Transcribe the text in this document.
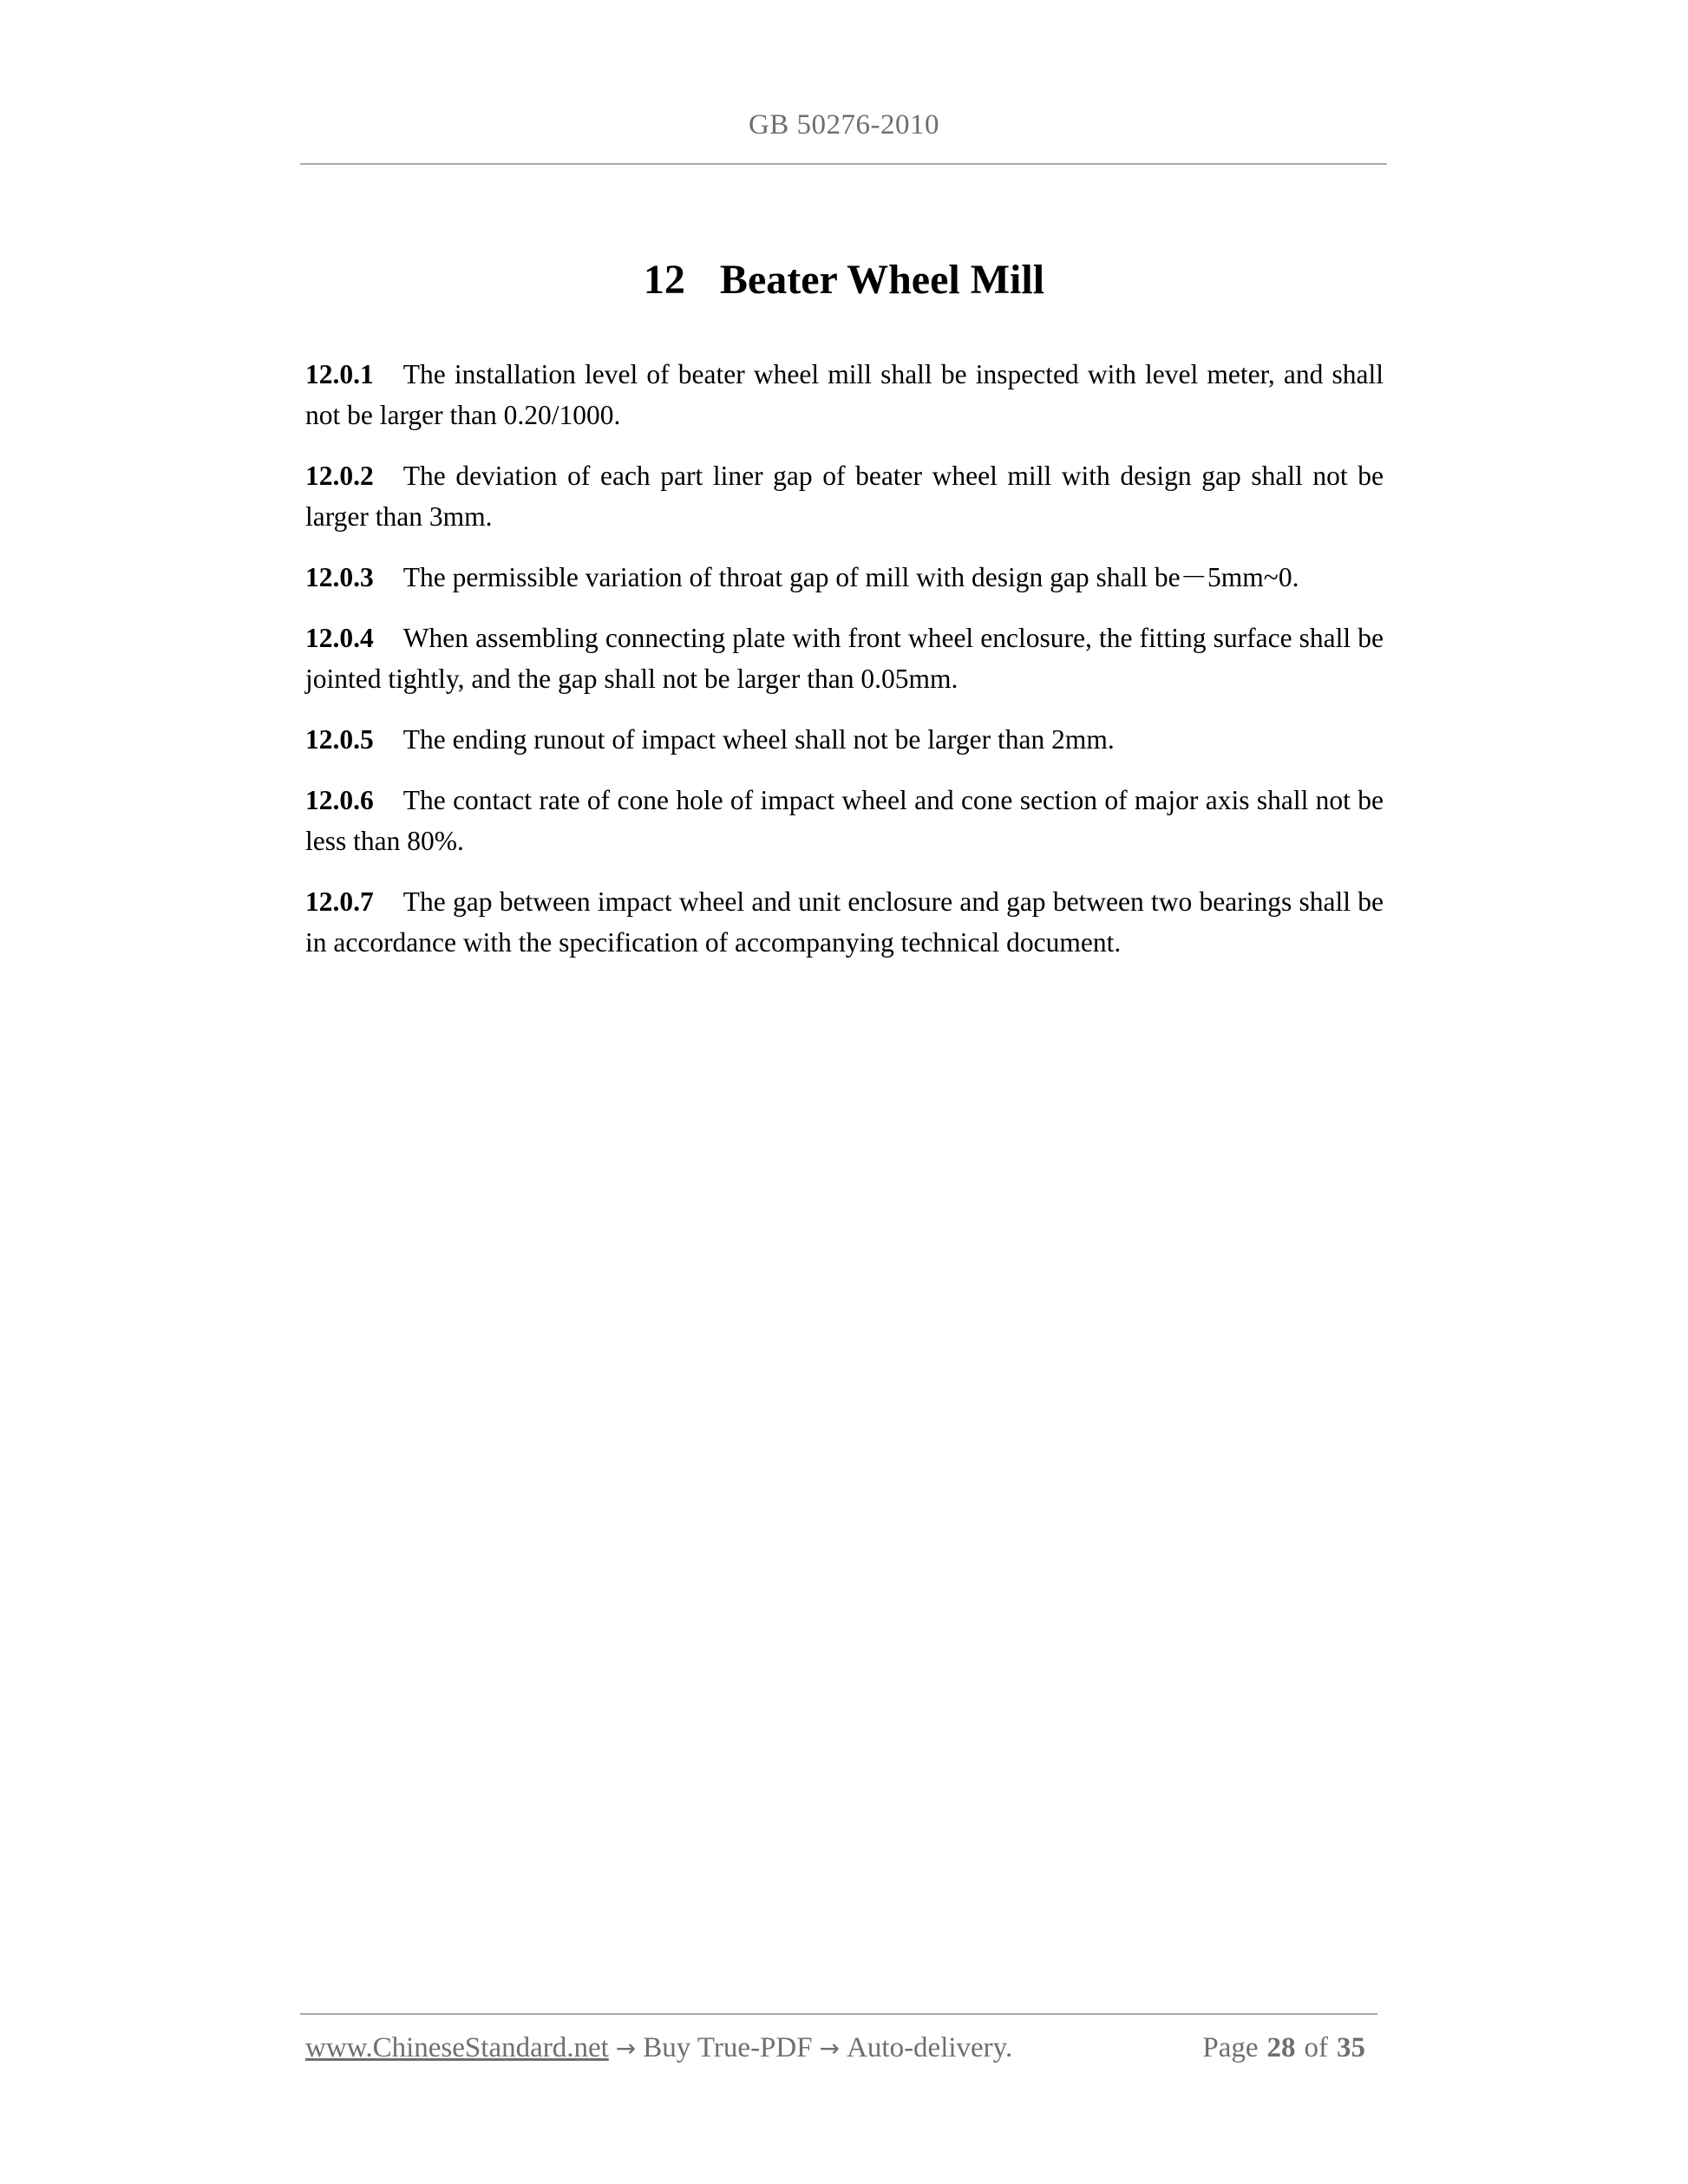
GB 50276-2010
12 Beater Wheel Mill

12.0.1 The installation level of beater wheel mill shall be inspected with level meter, and shall not be larger than 0.20/1000.

12.0.2 The deviation of each part liner gap of beater wheel mill with design gap shall not be larger than 3mm.

12.0.3 The permissible variation of throat gap of mill with design gap shall be－5mm~0.

12.0.4 When assembling connecting plate with front wheel enclosure, the fitting surface shall be jointed tightly, and the gap shall not be larger than 0.05mm.

12.0.5 The ending runout of impact wheel shall not be larger than 2mm.

12.0.6 The contact rate of cone hole of impact wheel and cone section of major axis shall not be less than 80%.

12.0.7 The gap between impact wheel and unit enclosure and gap between two bearings shall be in accordance with the specification of accompanying technical document.

www.ChineseStandard.net → Buy True-PDF → Auto-delivery.	Page 28 of 35
